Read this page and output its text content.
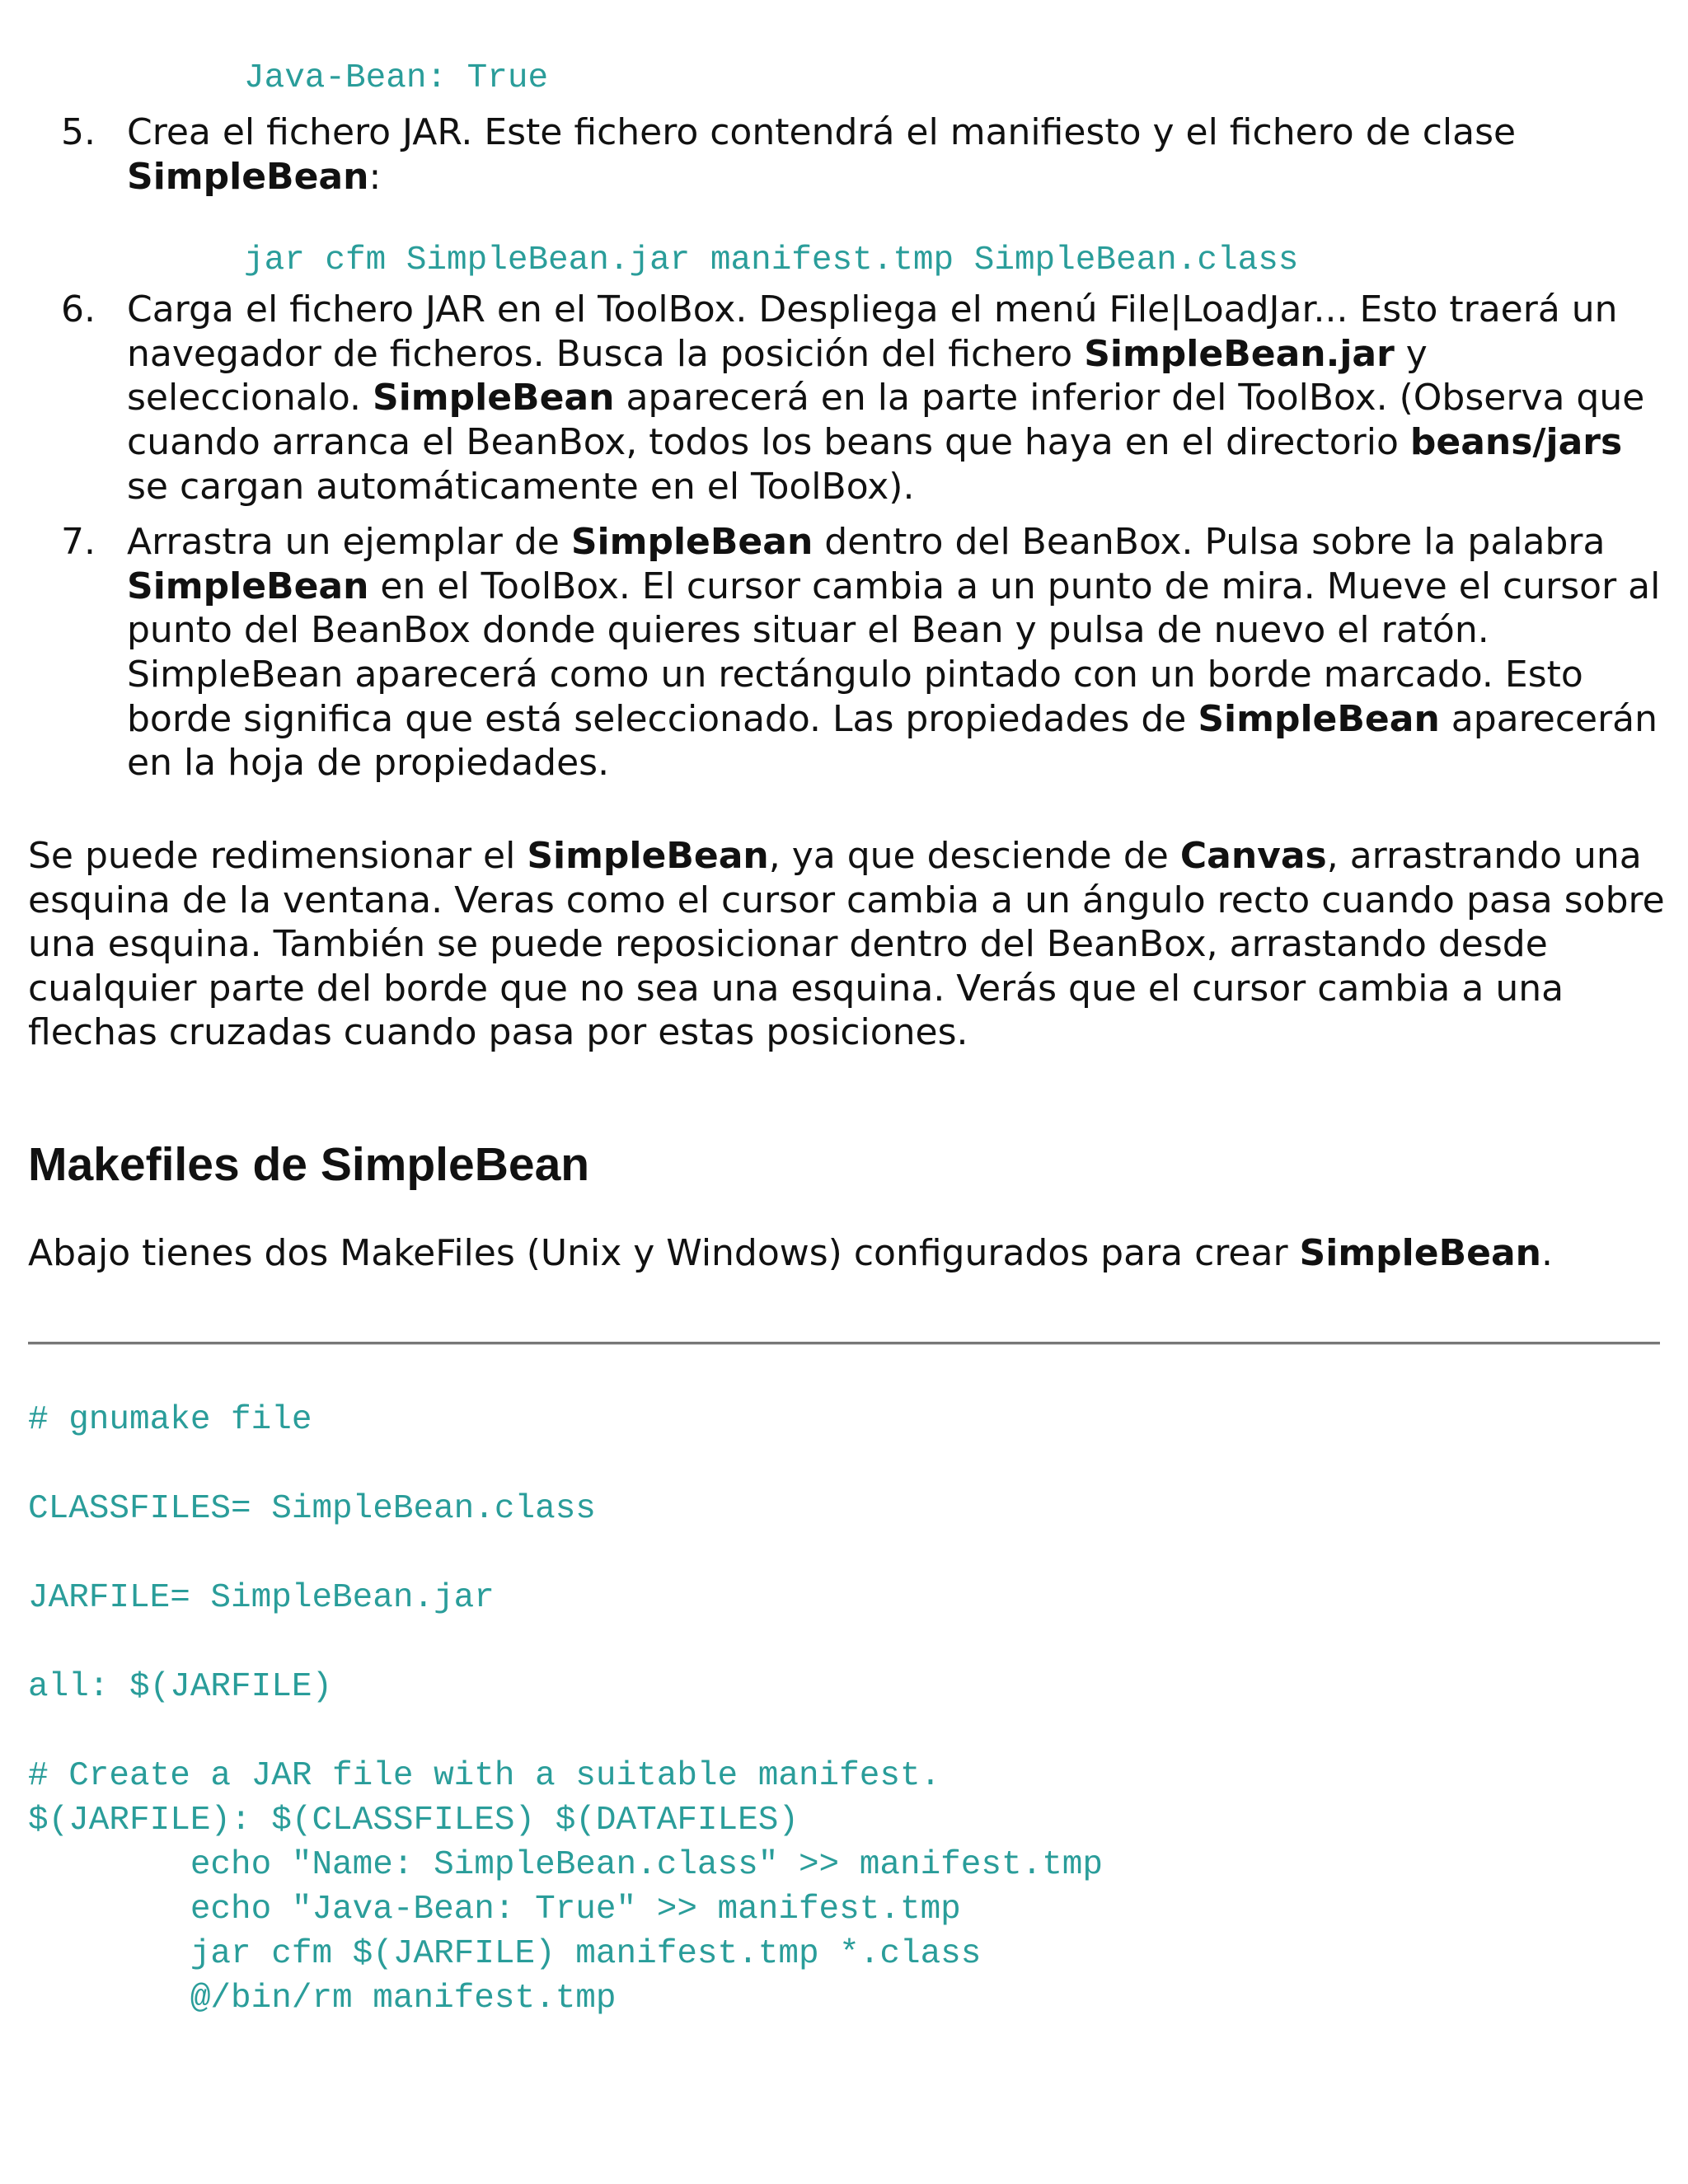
Java-Bean: True
5. Crea el fichero JAR. Este fichero contendrá el manifiesto y el fichero de clase SimpleBean:
jar cfm SimpleBean.jar manifest.tmp SimpleBean.class
6. Carga el fichero JAR en el ToolBox. Despliega el menú File|LoadJar... Esto traerá un navegador de ficheros. Busca la posición del fichero SimpleBean.jar y seleccionalo. SimpleBean aparecerá en la parte inferior del ToolBox. (Observa que cuando arranca el BeanBox, todos los beans que haya en el directorio beans/jars se cargan automáticamente en el ToolBox).
7. Arrastra un ejemplar de SimpleBean dentro del BeanBox. Pulsa sobre la palabra SimpleBean en el ToolBox. El cursor cambia a un punto de mira. Mueve el cursor al punto del BeanBox donde quieres situar el Bean y pulsa de nuevo el ratón. SimpleBean aparecerá como un rectángulo pintado con un borde marcado. Esto borde significa que está seleccionado. Las propiedades de SimpleBean aparecerán en la hoja de propiedades.

Se puede redimensionar el SimpleBean, ya que desciende de Canvas, arrastrando una esquina de la ventana. Veras como el cursor cambia a un ángulo recto cuando pasa sobre una esquina. También se puede reposicionar dentro del BeanBox, arrastando desde cualquier parte del borde que no sea una esquina. Verás que el cursor cambia a una flechas cruzadas cuando pasa por estas posiciones.

Makefiles de SimpleBean

Abajo tienes dos MakeFiles (Unix y Windows) configurados para crear SimpleBean.

# gnumake file

CLASSFILES= SimpleBean.class

JARFILE= SimpleBean.jar

all: $(JARFILE)

# Create a JAR file with a suitable manifest.
$(JARFILE): $(CLASSFILES) $(DATAFILES)
echo "Name: SimpleBean.class" >> manifest.tmp
echo "Java-Bean: True" >> manifest.tmp
jar cfm $(JARFILE) manifest.tmp *.class
@/bin/rm manifest.tmp
